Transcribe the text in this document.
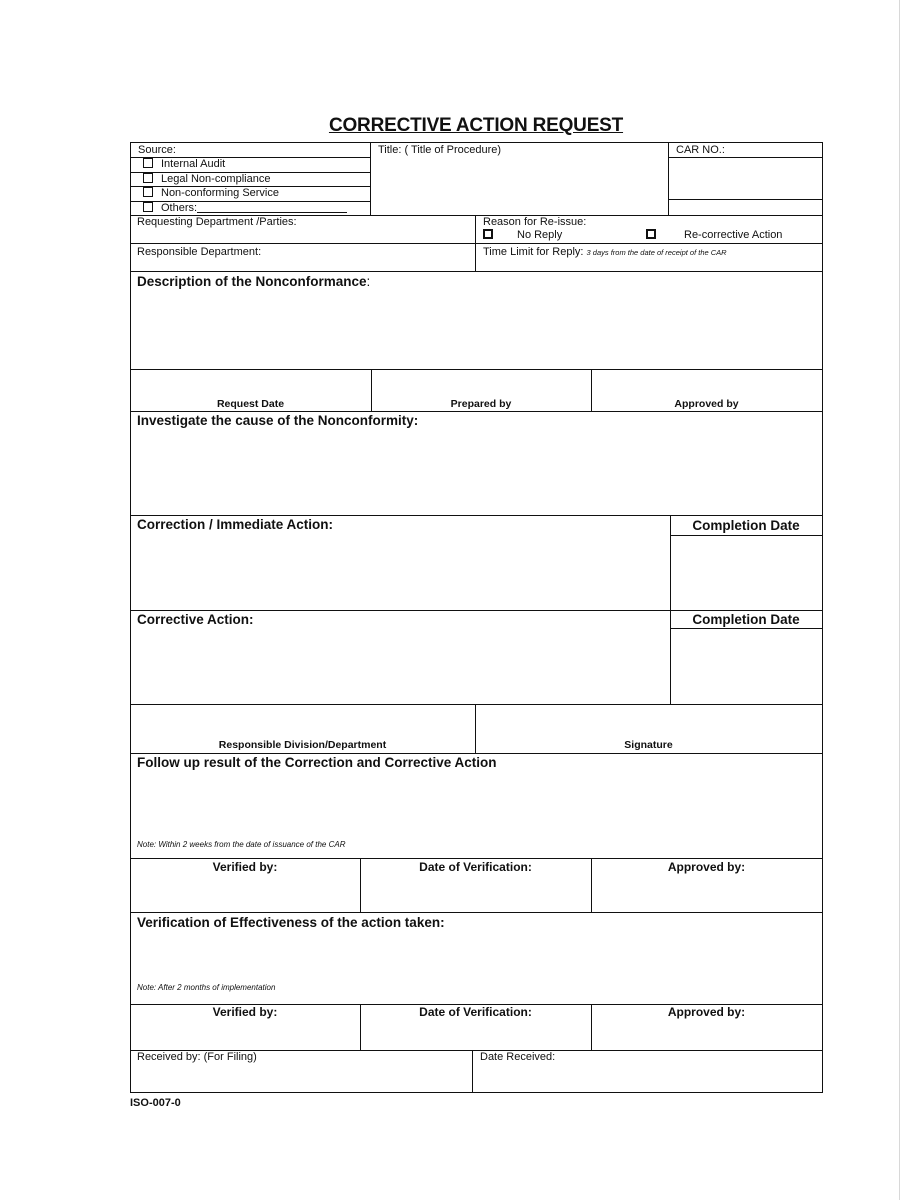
CORRECTIVE ACTION REQUEST
Source:
Internal Audit
Legal Non-compliance
Non-conforming Service
Others:
Title: ( Title of Procedure)	CAR NO.:
Requesting Department /Parties:	Reason for Re-issue:
No Reply	Re-corrective Action
Responsible Department:	Time Limit for Reply: 3 days from the date of receipt of the CAR
Description of the Nonconformance:
Request Date	Prepared by	Approved by
Investigate the cause of the Nonconformity:
Correction / Immediate Action:	Completion Date
Corrective Action:	Completion Date
Responsible Division/Department	Signature
Follow up result of the Correction and Corrective Action
Note: Within 2 weeks from the date of issuance of the CAR
Verified by:	Date of Verification:	Approved by:
Verification of Effectiveness of the action taken:
Note: After 2 months of implementation
Verified by:	Date of Verification:	Approved by:
Received by: (For Filing)	Date Received:
ISO-007-0
